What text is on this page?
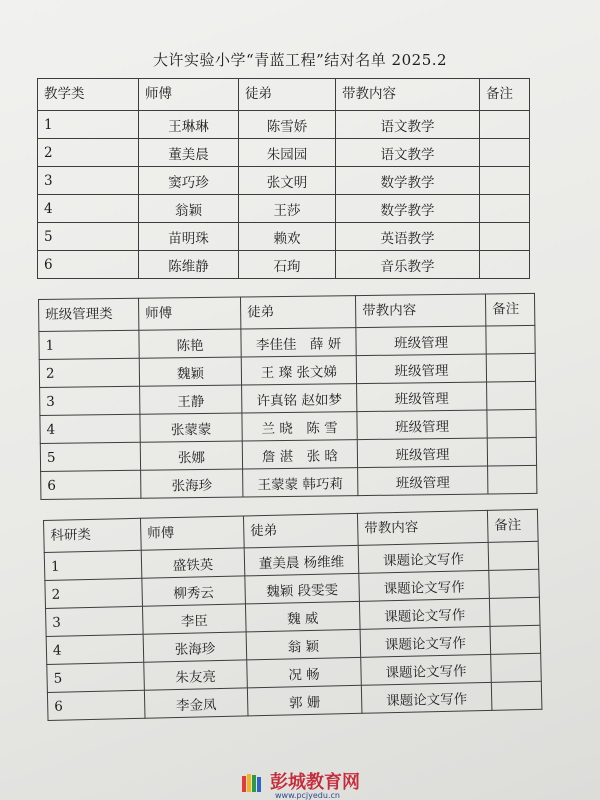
大许实验小学“青蓝工程”结对名单 2025.2
教学类	师傅	徒弟	带教内容	备注
1	王琳琳	陈雪娇	语文教学	
2	董美晨	朱园园	语文教学	
3	窦巧珍	张文明	数学教学	
4	翁颖	王莎	数学教学	
5	苗明珠	赖欢	英语教学	
6	陈维静	石珣	音乐教学	
班级管理类	师傅	徒弟	带教内容	备注
1	陈艳	李佳佳　薛 妍	班级管理	
2	魏颖	王 璨 张文娣	班级管理	
3	王静	许真铭 赵如梦	班级管理	
4	张蒙蒙	兰 晓　陈 雪	班级管理	
5	张娜	詹 湛　张 晗	班级管理	
6	张海珍	王蒙蒙 韩巧莉	班级管理	
科研类	师傅	徒弟	带教内容	备注
1	盛铁英	董美晨 杨维维	课题论文写作	
2	柳秀云	魏颖 段雯雯	课题论文写作	
3	李臣	魏 威	课题论文写作	
4	张海珍	翁 颖	课题论文写作	
5	朱友亮	况 畅	课题论文写作	
6	李金凤	郭 姗	课题论文写作	
彭城教育网
www.pcjyedu.cn
